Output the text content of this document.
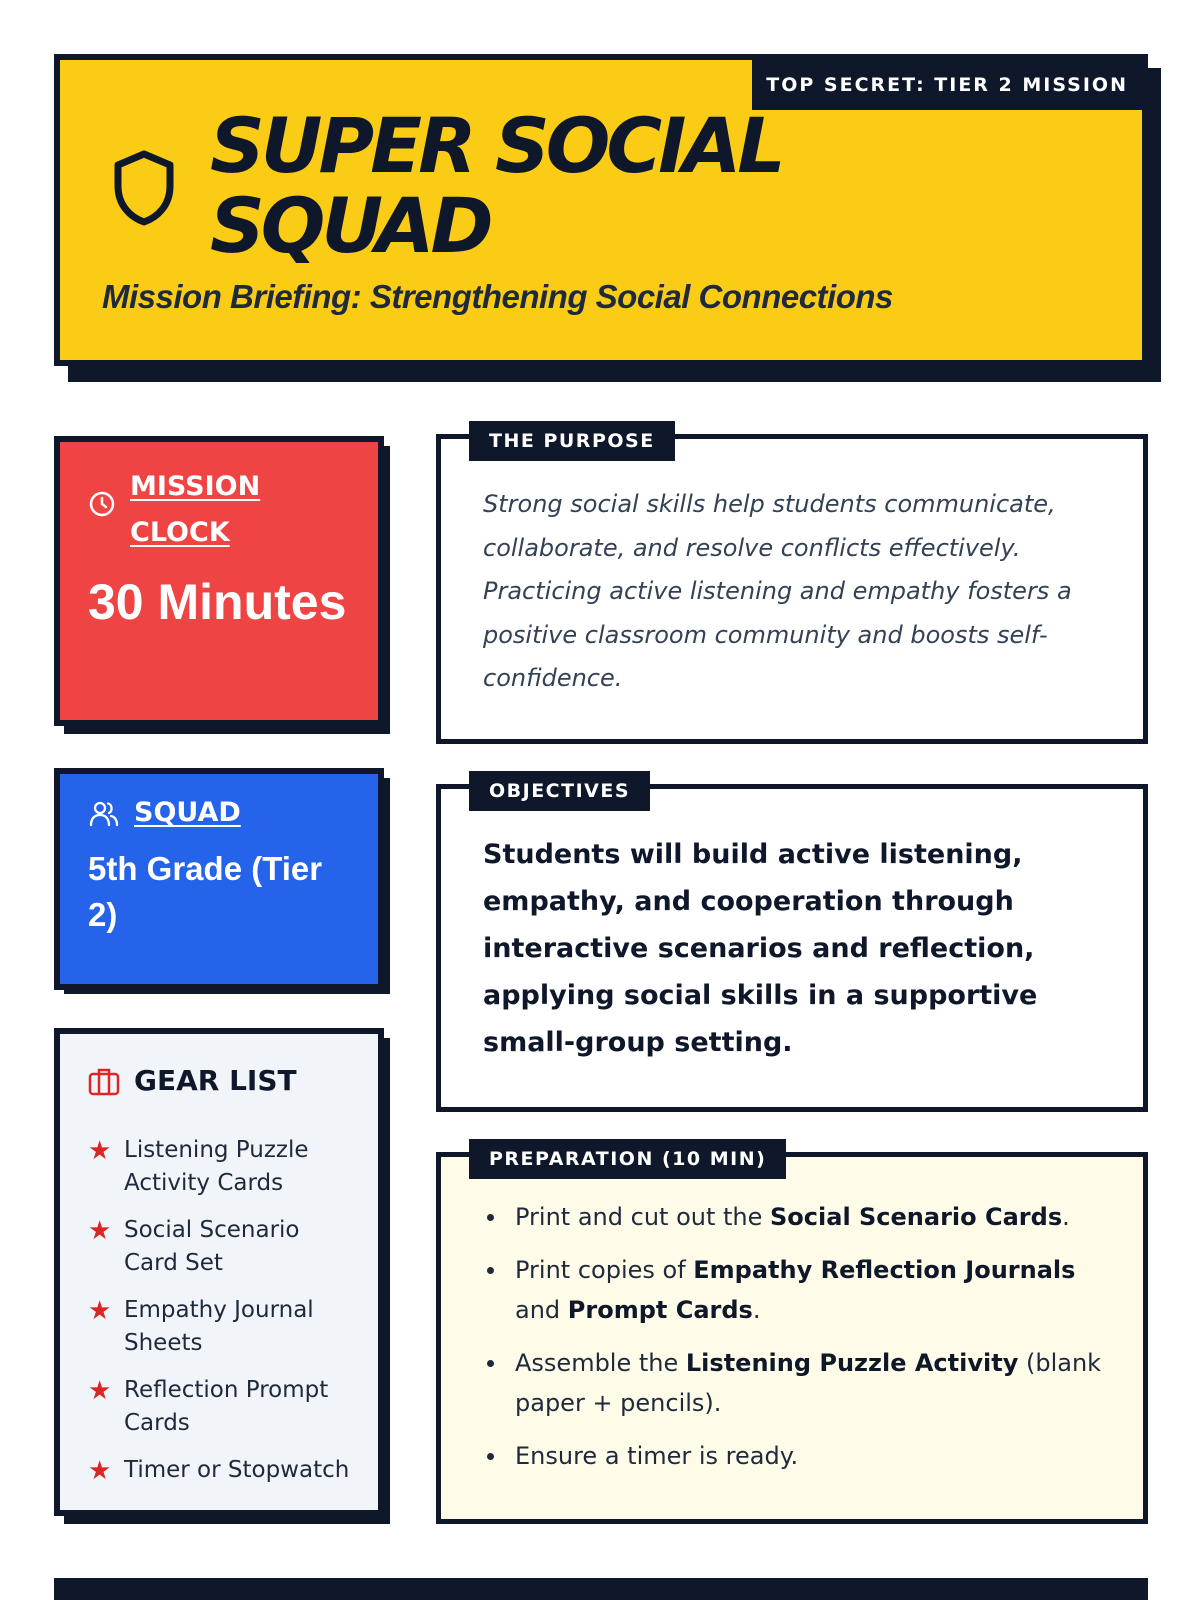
TOP SECRET: TIER 2 MISSION
SUPER SOCIAL SQUAD
Mission Briefing: Strengthening Social Connections
MISSION CLOCK
30 Minutes
SQUAD
5th Grade (Tier 2)
GEAR LIST
★ Listening Puzzle Activity Cards
★ Social Scenario Card Set
★ Empathy Journal Sheets
★ Reflection Prompt Cards
★ Timer or Stopwatch
THE PURPOSE
Strong social skills help students communicate, collaborate, and resolve conflicts effectively. Practicing active listening and empathy fosters a positive classroom community and boosts self-confidence.
OBJECTIVES
Students will build active listening, empathy, and cooperation through interactive scenarios and reflection, applying social skills in a supportive small-group setting.
PREPARATION (10 MIN)
Print and cut out the Social Scenario Cards.
Print copies of Empathy Reflection Journals and Prompt Cards.
Assemble the Listening Puzzle Activity (blank paper + pencils).
Ensure a timer is ready.
